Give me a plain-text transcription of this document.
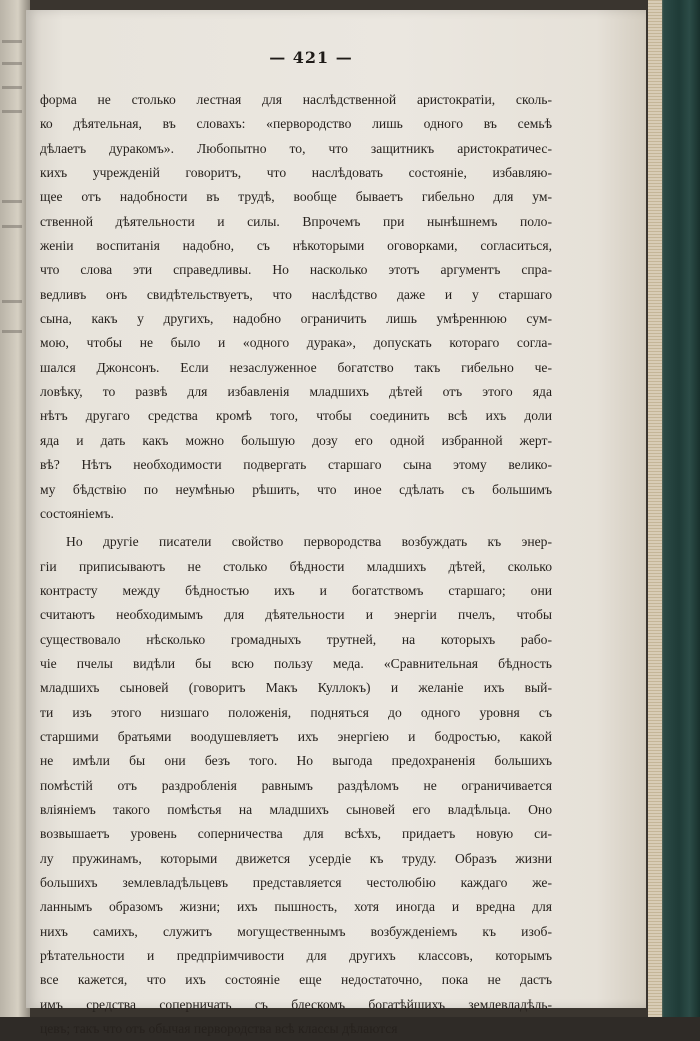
— 421 —
форма не столько лестная для наслѣдственной аристократіи, сколь-
ко дѣятельная, въ словахъ: «первородство лишь одного въ семьѣ
дѣлаетъ дуракомъ». Любопытно то, что защитникъ аристократичес-
кихъ учрежденій говоритъ, что наслѣдовать состояніе, избавляю-
щее отъ надобности въ трудѣ, вообще бываетъ гибельно для ум-
ственной дѣятельности и силы. Впрочемъ при нынѣшнемъ поло-
женіи воспитанія надобно, съ нѣкоторыми оговорками, согласиться,
что слова эти справедливы. Но насколько этотъ аргументъ спра-
ведливъ онъ свидѣтельствуетъ, что наслѣдство даже и у старшаго
сына, какъ у другихъ, надобно ограничить лишь умѣреннюю сум-
мою, чтобы не было и «одного дурака», допускать котораго согла-
шался Джонсонъ. Если незаслуженное богатство такъ гибельно че-
ловѣку, то развѣ для избавленія младшихъ дѣтей отъ этого яда
нѣтъ другаго средства кромѣ того, чтобы соединить всѣ ихъ доли
яда и дать какъ можно большую дозу его одной избранной жерт-
вѣ? Нѣтъ необходимости подвергать старшаго сына этому велико-
му бѣдствію по неумѣнью рѣшить, что иное сдѣлать съ большимъ
состояніемъ.
Но другіе писатели свойство первородства возбуждать къ энер-
гіи приписываютъ не столько бѣдности младшихъ дѣтей, сколько
контрасту между бѣдностью ихъ и богатствомъ старшаго; они
считаютъ необходимымъ для дѣятельности и энергіи пчелъ, чтобы
существовало нѣсколько громадныхъ трутней, на которыхъ рабо-
чіе пчелы видѣли бы всю пользу меда. «Сравнительная бѣдность
младшихъ сыновей (говоритъ Макъ Куллокъ) и желаніе ихъ вый-
ти изъ этого низшаго положенія, подняться до одного уровня съ
старшими братьями воодушевляетъ ихъ энергіею и бодростью, какой
не имѣли бы они безъ того. Но выгода предохраненія большихъ
помѣстій отъ раздробленія равнымъ раздѣломъ не ограничивается
вліяніемъ такого помѣстья на младшихъ сыновей его владѣльца. Оно
возвышаетъ уровень соперничества для всѣхъ, придаетъ новую си-
лу пружинамъ, которыми движется усердіе къ труду. Образъ жизни
большихъ землевладѣльцевъ представляется честолюбію каждаго же-
ланнымъ образомъ жизни; ихъ пышность, хотя иногда и вредна для
нихъ самихъ, служитъ могущественнымъ возбужденіемъ къ изоб-
рѣтательности и предпріимчивости для другихъ классовъ, которымъ
все кажется, что ихъ состояніе еще недостаточно, пока не дастъ
имъ средства соперничать съ блескомъ богатѣйшихъ землевладѣль-
цевъ; такъ что отъ обычая первородства всѣ классы дѣлаются
